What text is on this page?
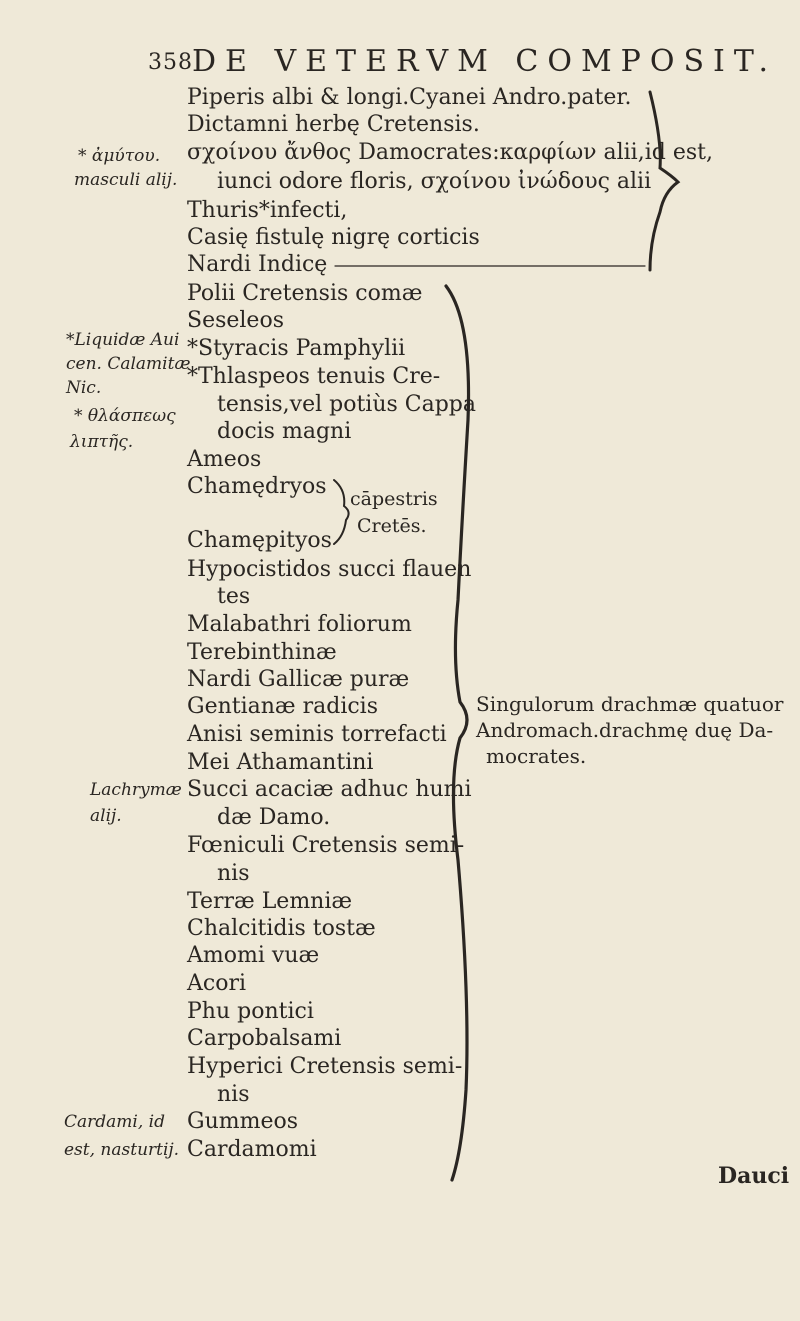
358 DE VETERVM COMPOSIT.
Piperis albi & longi.Cyanei Andro.pater.
Dictamni herbę Cretensis.
σχοίνου ἄνθος Damocrates:καρφίων alii,id est,
iunci odore floris, σχοίνου ἰνώδους alii
Thuris*infecti,
Casię fistulę nigrę corticis
Nardi Indicę
Polii Cretensis comæ
Seseleos
*Styracis Pamphylii
*Thlaspeos tenuis Cre-
tensis,vel potiùs Cappa
docis magni
Ameos
Chamędryos
Chamępityos
cāpestris
Cretēs.
Hypocistidos succi flauen
tes
Malabathri foliorum
Terebinthinæ
Nardi Gallicæ puræ
Gentianæ radicis
Anisi seminis torrefacti
Mei Athamantini
Succi acaciæ adhuc humi
dæ Damo.
Fœniculi Cretensis semi-
nis
Terræ Lemniæ
Chalcitidis tostæ
Amomi vuæ
Acori
Phu pontici
Carpobalsami
Hyperici Cretensis semi-
nis
Gummeos
Cardamomi
* ἀμύτου.
masculi alij.
*Liquidæ Aui
cen. Calamitæ
Nic.
* θλάσπεως
λιπτῆς.
Lachrymæ
alij.
Cardami, id
est, nasturtij.
Singulorum drachmæ quatuor
Andromach.drachmę duę Da-
mocrates.
Dauci
